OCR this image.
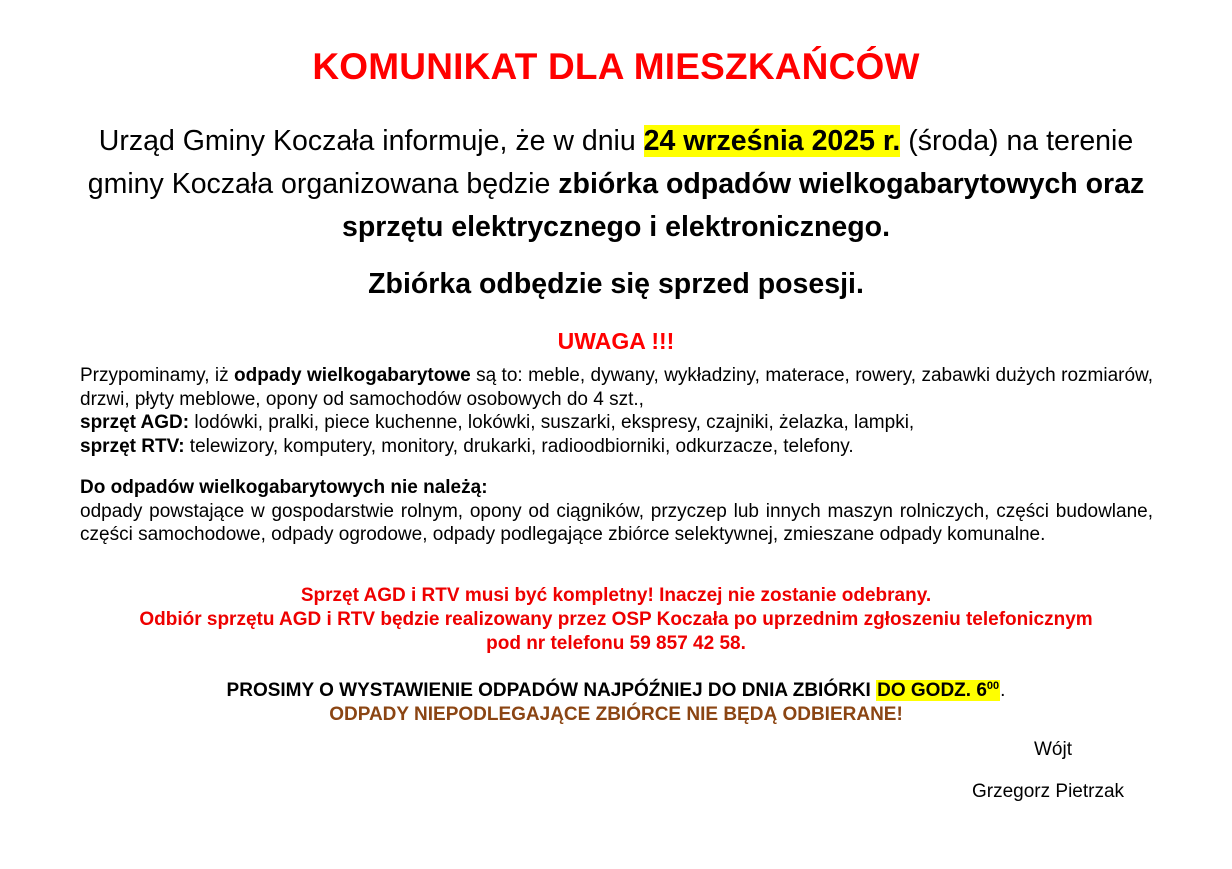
KOMUNIKAT DLA MIESZKAŃCÓW
Urząd Gminy Koczała informuje, że w dniu 24 września 2025 r. (środa) na terenie gminy Koczała organizowana będzie zbiórka odpadów wielkogabarytowych oraz sprzętu elektrycznego i elektronicznego.
Zbiórka odbędzie się sprzed posesji.
UWAGA !!!
Przypominamy, iż odpady wielkogabarytowe są to: meble, dywany, wykładziny, materace, rowery, zabawki dużych rozmiarów, drzwi, płyty meblowe, opony od samochodów osobowych do 4 szt.,
sprzęt AGD: lodówki, pralki, piece kuchenne, lokówki, suszarki, ekspresy, czajniki, żelazka, lampki,
sprzęt RTV: telewizory, komputery, monitory, drukarki, radioodbiorniki, odkurzacze, telefony.
Do odpadów wielkogabarytowych nie należą:
odpady powstające w gospodarstwie rolnym, opony od ciągników, przyczep lub innych maszyn rolniczych, części budowlane, części samochodowe, odpady ogrodowe, odpady podlegające zbiórce selektywnej, zmieszane odpady komunalne.
Sprzęt AGD i RTV musi być kompletny! Inaczej nie zostanie odebrany.
Odbiór sprzętu AGD i RTV będzie realizowany przez OSP Koczała po uprzednim zgłoszeniu telefonicznym
pod nr telefonu 59 857 42 58.
PROSIMY O WYSTAWIENIE ODPADÓW NAJPÓŹNIEJ DO DNIA ZBIÓRKI DO GODZ. $6^{00}$.
ODPADY NIEPODLEGAJĄCE ZBIÓRCE NIE BĘDĄ ODBIERANE!
Wójt
Grzegorz Pietrzak
